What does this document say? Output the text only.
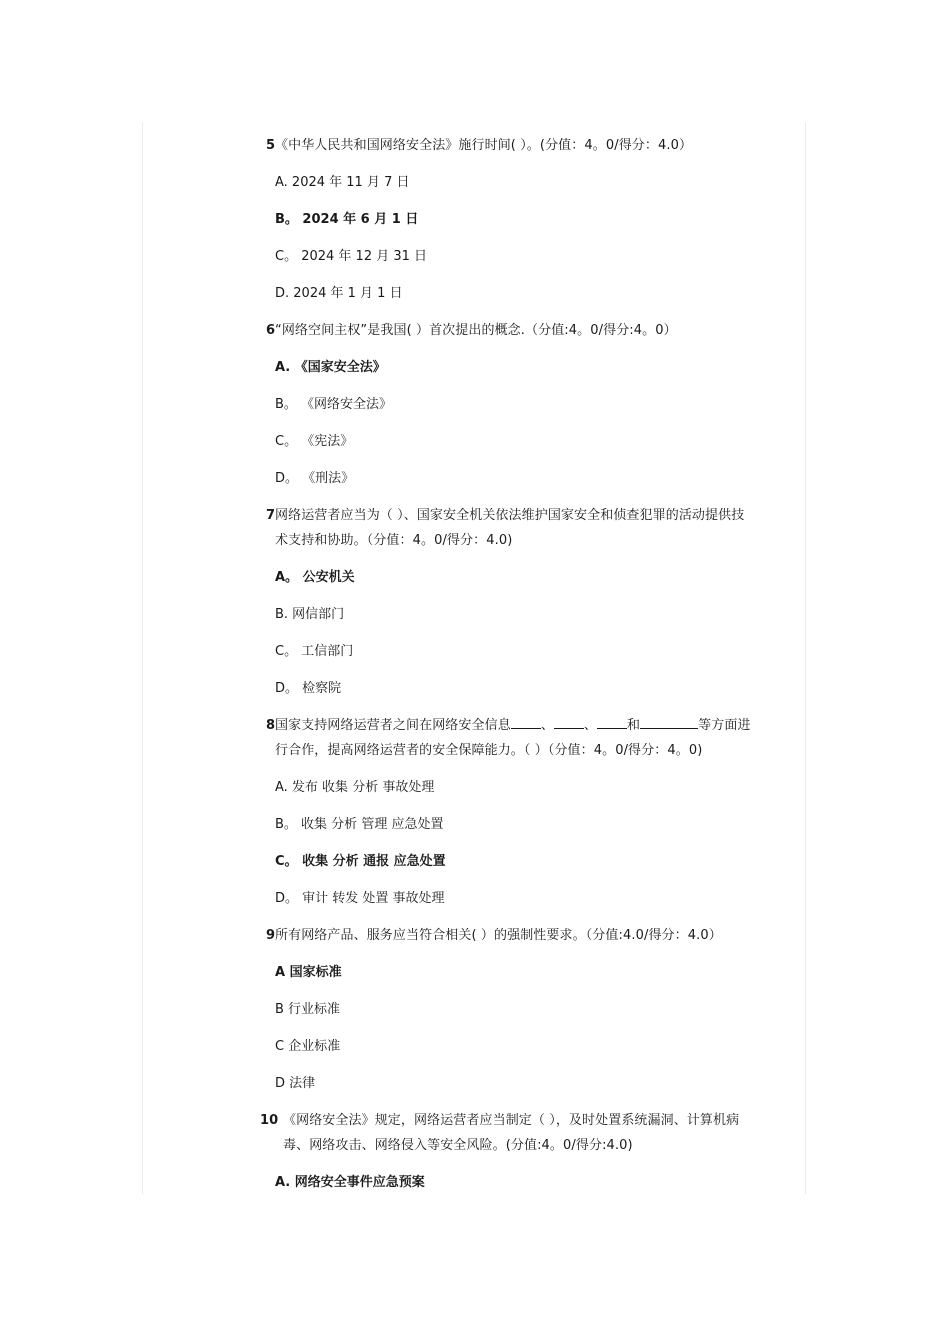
5 《中华人民共和国网络安全法》施行时间( ）。(分值：4。0/得分：4.0）
A. 2024 年 11 月 7 日
B。 2024 年 6 月 1 日
C。 2024 年 12 月 31 日
D. 2024 年 1 月 1 日
6 “网络空间主权”是我国( ）首次提出的概念.（分值:4。0/得分:4。0）
A. 《国家安全法》
B。 《网络安全法》
C。 《宪法》
D。 《刑法》
7 网络运营者应当为（ ）、国家安全机关依法维护国家安全和侦查犯罪的活动提供技
术支持和协助。（分值：4。0/得分：4.0)
A。 公安机关
B. 网信部门
C。 工信部门
D。 检察院
8 国家支持网络运营者之间在网络安全信息 、 、 和	等方面进
行合作，提高网络运营者的安全保障能力。（ ）（分值：4。0/得分：4。0)
A. 发布 收集 分析 事故处理
B。 收集 分析 管理 应急处置
C。 收集 分析 通报 应急处置
D。 审计 转发 处置 事故处理
9 所有网络产品、服务应当符合相关( ）的强制性要求。（分值:4.0/得分：4.0）
A 国家标准
B 行业标准
C 企业标准
D 法律
10 《网络安全法》规定，网络运营者应当制定（ ），及时处置系统漏洞、计算机病
毒、网络攻击、网络侵入等安全风险。(分值:4。0/得分:4.0)
A. 网络安全事件应急预案
